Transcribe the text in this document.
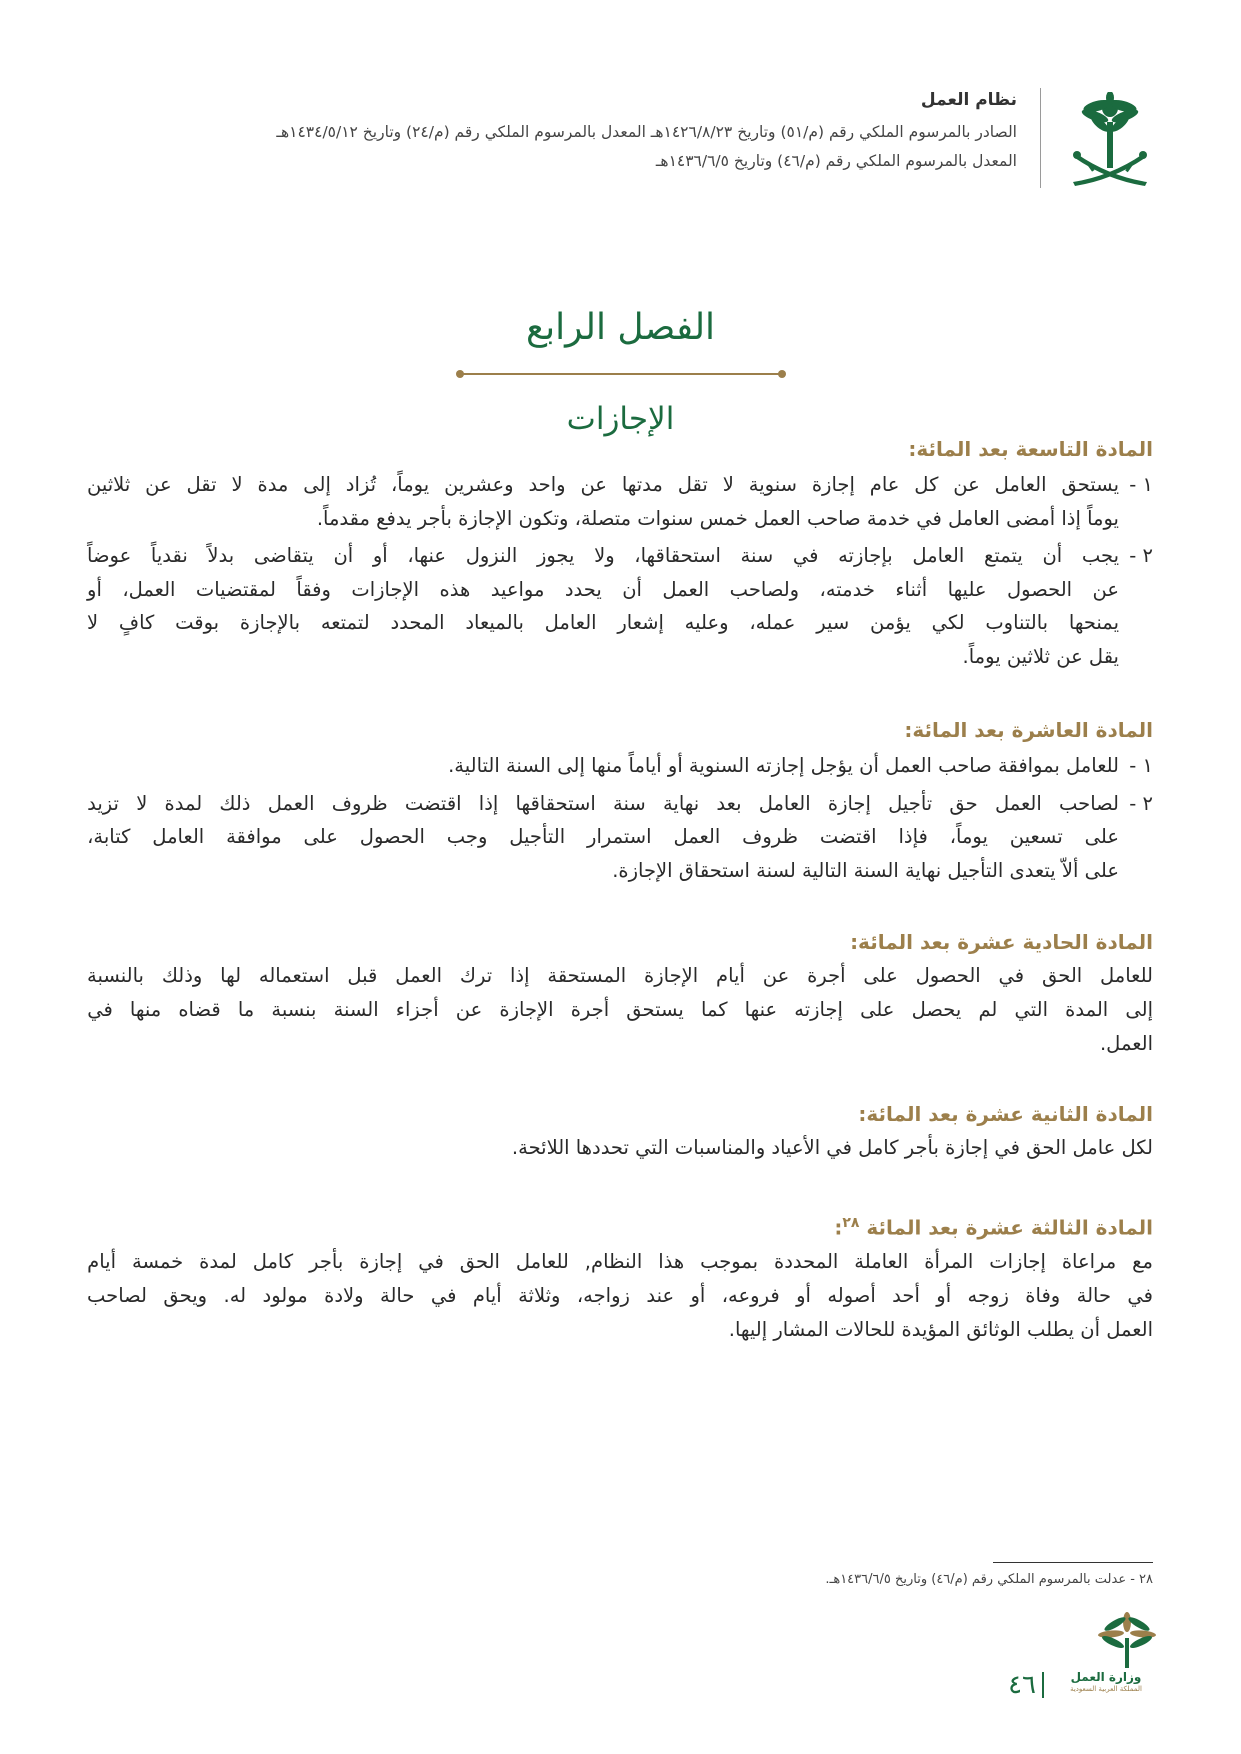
نظام العمل
الصادر بالمرسوم الملكي رقم (م/٥١) وتاريخ ١٤٢٦/٨/٢٣هـ المعدل بالمرسوم الملكي رقم (م/٢٤) وتاريخ ١٤٣٤/٥/١٢هـ
المعدل بالمرسوم الملكي رقم (م/٤٦) وتاريخ ١٤٣٦/٦/٥هـ
الفصل الرابع
الإجازات
المادة التاسعة بعد المائة:
١ -
يستحق
العامل
عن
كل
عام
إجازة
سنوية
لا
تقل
مدتها
عن
واحد
وعشرين
يوماً،
تُزاد
إلى
مدة
لا
تقل
عن
ثلاثين
يوماً إذا أمضى العامل في خدمة صاحب العمل خمس سنوات متصلة، وتكون الإجازة بأجر يدفع مقدماً.
٢ -
يجب
أن
يتمتع
العامل
بإجازته
في
سنة
استحقاقها،
ولا
يجوز
النزول
عنها،
أو
أن
يتقاضى
بدلاً
نقدياً
عوضاً
عن
الحصول
عليها
أثناء
خدمته،
ولصاحب
العمل
أن
يحدد
مواعيد
هذه
الإجازات
وفقاً
لمقتضيات
العمل،
أو
يمنحها
بالتناوب
لكي
يؤمن
سير
عمله،
وعليه
إشعار
العامل
بالميعاد
المحدد
لتمتعه
بالإجازة
بوقت
كافٍ
لا
يقل عن ثلاثين يوماً.
المادة العاشرة بعد المائة:
١ -
للعامل بموافقة صاحب العمل أن يؤجل إجازته السنوية أو أياماً منها إلى السنة التالية.
٢ -
لصاحب
العمل
حق
تأجيل
إجازة
العامل
بعد
نهاية
سنة
استحقاقها
إذا
اقتضت
ظروف
العمل
ذلك
لمدة
لا
تزيد
على
تسعين
يوماً،
فإذا
اقتضت
ظروف
العمل
استمرار
التأجيل
وجب
الحصول
على
موافقة
العامل
كتابة،
على ألاّ يتعدى التأجيل نهاية السنة التالية لسنة استحقاق الإجازة.
المادة الحادية عشرة بعد المائة:
للعامل
الحق
في
الحصول
على
أجرة
عن
أيام
الإجازة
المستحقة
إذا
ترك
العمل
قبل
استعماله
لها
وذلك
بالنسبة
إلى
المدة
التي
لم
يحصل
على
إجازته
عنها
كما
يستحق
أجرة
الإجازة
عن
أجزاء
السنة
بنسبة
ما
قضاه
منها
في
العمل.
المادة الثانية عشرة بعد المائة:
لكل عامل الحق في إجازة بأجر كامل في الأعياد والمناسبات التي تحددها اللائحة.
المادة الثالثة عشرة بعد المائة $^{٢٨}$:
مع
مراعاة
إجازات
المرأة
العاملة
المحددة
بموجب
هذا
النظام,
للعامل
الحق
في
إجازة
بأجر
كامل
لمدة
خمسة
أيام
في
حالة
وفاة
زوجه
أو
أحد
أصوله
أو
فروعه،
أو
عند
زواجه،
وثلاثة
أيام
في
حالة
ولادة
مولود
له.
ويحق
لصاحب
العمل أن يطلب الوثائق المؤيدة للحالات المشار إليها.
٢٨ - عدلت بالمرسوم الملكي رقم (م/٤٦) وتاريخ ١٤٣٦/٦/٥هـ.
وزارة العمل
المملكة العربية السعودية
٤٦
